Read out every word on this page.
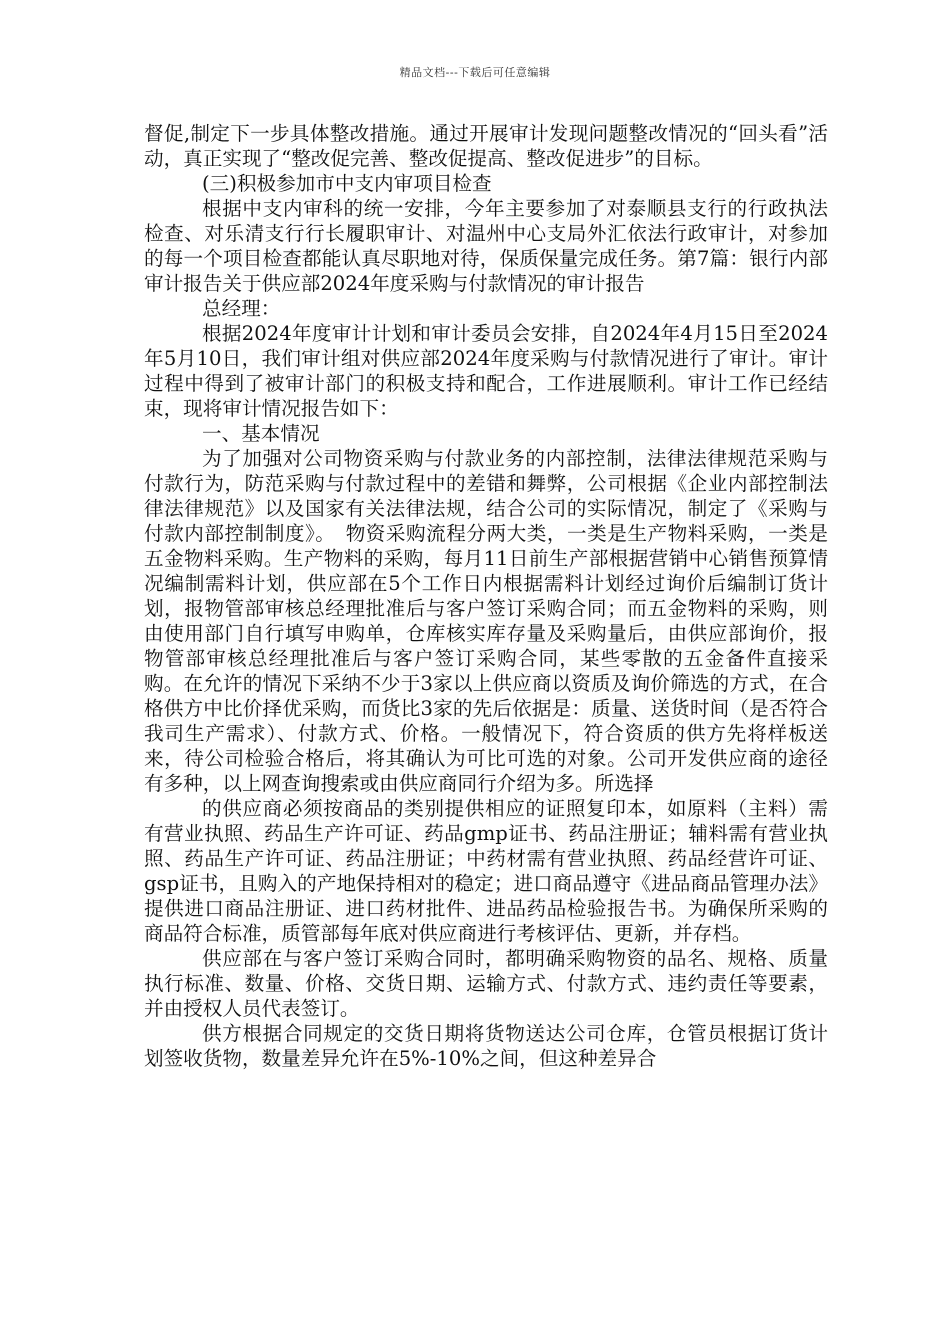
精品文档---下载后可任意编辑

督促,制定下一步具体整改措施。通过开展审计发现问题整改情况的“回头看”活动，真正实现了“整改促完善、整改促提高、整改促进步”的目标。

(三)积极参加市中支内审项目检查

根据中支内审科的统一安排，今年主要参加了对泰顺县支行的行政执法检查、对乐清支行行长履职审计、对温州中心支局外汇依法行政审计，对参加的每一个项目检查都能认真尽职地对待，保质保量完成任务。第7篇：银行内部审计报告关于供应部2024年度采购与付款情况的审计报告

总经理：

根据2024年度审计计划和审计委员会安排，自2024年4月15日至2024年5月10日，我们审计组对供应部2024年度采购与付款情况进行了审计。审计过程中得到了被审计部门的积极支持和配合，工作进展顺利。审计工作已经结束，现将审计情况报告如下：

一、基本情况

为了加强对公司物资采购与付款业务的内部控制，法律法律规范采购与付款行为，防范采购与付款过程中的差错和舞弊，公司根据《企业内部控制法律法律规范》以及国家有关法律法规，结合公司的实际情况，制定了《采购与付款内部控制制度》。　物资采购流程分两大类，一类是生产物料采购，一类是五金物料采购。生产物料的采购，每月11日前生产部根据营销中心销售预算情况编制需料计划，供应部在5个工作日内根据需料计划经过询价后编制订货计划，报物管部审核总经理批准后与客户签订采购合同；而五金物料的采购，则由使用部门自行填写申购单，仓库核实库存量及采购量后，由供应部询价，报物管部审核总经理批准后与客户签订采购合同，某些零散的五金备件直接采购。在允许的情况下采纳不少于3家以上供应商以资质及询价筛选的方式，在合格供方中比价择优采购，而货比3家的先后依据是：质量、送货时间（是否符合我司生产需求）、付款方式、价格。一般情况下，符合资质的供方先将样板送来，待公司检验合格后，将其确认为可比可选的对象。公司开发供应商的途径有多种，以上网查询搜索或由供应商同行介绍为多。所选择

的供应商必须按商品的类别提供相应的证照复印本，如原料（主料）需有营业执照、药品生产许可证、药品gmp证书、药品注册证；辅料需有营业执照、药品生产许可证、药品注册证；中药材需有营业执照、药品经营许可证、gsp证书，且购入的产地保持相对的稳定；进口商品遵守《进品商品管理办法》提供进口商品注册证、进口药材批件、进品药品检验报告书。为确保所采购的商品符合标准，质管部每年底对供应商进行考核评估、更新，并存档。

供应部在与客户签订采购合同时，都明确采购物资的品名、规格、质量执行标准、数量、价格、交货日期、运输方式、付款方式、违约责任等要素，并由授权人员代表签订。

供方根据合同规定的交货日期将货物送达公司仓库，仓管员根据订货计划签收货物，数量差异允许在5%-10%之间，但这种差异合
